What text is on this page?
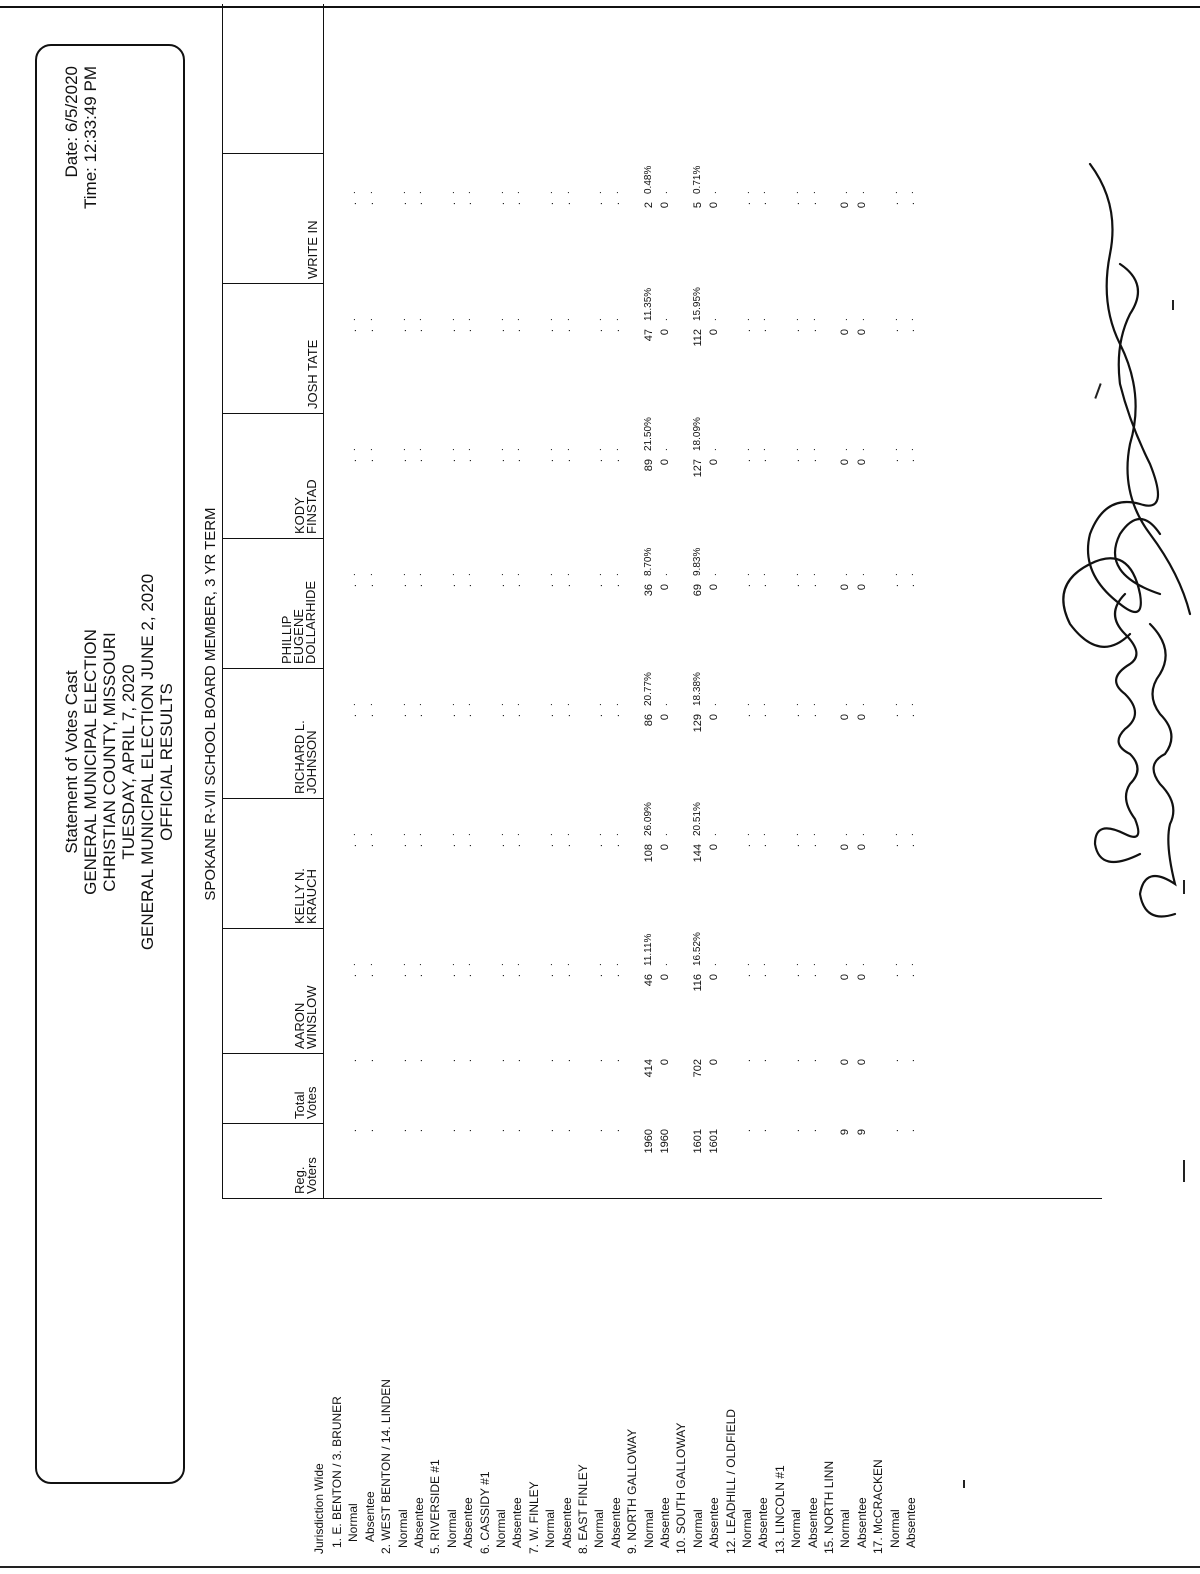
Statement of Votes Cast GENERAL MUNICIPAL ELECTION CHRISTIAN COUNTY, MISSOURI TUESDAY, APRIL 7, 2020 GENERAL MUNICIPAL ELECTION JUNE 2, 2020 OFFICIAL RESULTS
Date: 6/5/2020 Time: 12:33:49 PM
SPOKANE R-VII SCHOOL BOARD MEMBER, 3 YR TERM
Reg.
Voters
Total
Votes
AARON
WINSLOW
KELLY N.
KRAUCH
RICHARD L.
JOHNSON
PHILLIP
EUGENE
DOLLARHIDE
KODY
FINSTAD
JOSH TATE
WRITE IN
Jurisdiction Wide 1. E. BENTON / 3. BRUNER Normal
.
.
.
.
.
.
.
.
.
.
.
.
.
.
.
.
Absentee
.
.
.
.
.
.
.
.
.
.
.
.
.
.
.
.
2. WEST BENTON / 14. LINDEN Normal
.
.
.
.
.
.
.
.
.
.
.
.
.
.
.
.
Absentee
.
.
.
.
.
.
.
.
.
.
.
.
.
.
.
.
5. RIVERSIDE #1 Normal
.
.
.
.
.
.
.
.
.
.
.
.
.
.
.
.
Absentee
.
.
.
.
.
.
.
.
.
.
.
.
.
.
.
.
6. CASSIDY #1 Normal
.
.
.
.
.
.
.
.
.
.
.
.
.
.
.
.
Absentee
.
.
.
.
.
.
.
.
.
.
.
.
.
.
.
.
7. W. FINLEY Normal
.
.
.
.
.
.
.
.
.
.
.
.
.
.
.
.
Absentee
.
.
.
.
.
.
.
.
.
.
.
.
.
.
.
.
8. EAST FINLEY Normal
.
.
.
.
.
.
.
.
.
.
.
.
.
.
.
.
Absentee
.
.
.
.
.
.
.
.
.
.
.
.
.
.
.
.
9. NORTH GALLOWAY Normal
1960
414
46
108
86
36
89
47
2
11.11%
26.09%
20.77%
8.70%
21.50%
11.35%
0.48%
Absentee
1960
0
0
0
0
0
0
0
0
.
.
.
.
.
.
.
10. SOUTH GALLOWAY Normal
1601
702
116
144
129
69
127
112
5
16.52%
20.51%
18.38%
9.83%
18.09%
15.95%
0.71%
Absentee
1601
0
0
0
0
0
0
0
0
.
.
.
.
.
.
.
12. LEADHILL / OLDFIELD Normal
.
.
.
.
.
.
.
.
.
.
.
.
.
.
.
.
Absentee
.
.
.
.
.
.
.
.
.
.
.
.
.
.
.
.
13. LINCOLN #1 Normal
.
.
.
.
.
.
.
.
.
.
.
.
.
.
.
.
Absentee
.
.
.
.
.
.
.
.
.
.
.
.
.
.
.
.
15. NORTH LINN Normal
9
0
0
0
0
0
0
0
0
.
.
.
.
.
.
.
Absentee
9
0
0
0
0
0
0
0
0
.
.
.
.
.
.
.
17. McCRACKEN Normal
.
.
.
.
.
.
.
.
.
.
.
.
.
.
.
.
Absentee
.
.
.
.
.
.
.
.
.
.
.
.
.
.
.
.
